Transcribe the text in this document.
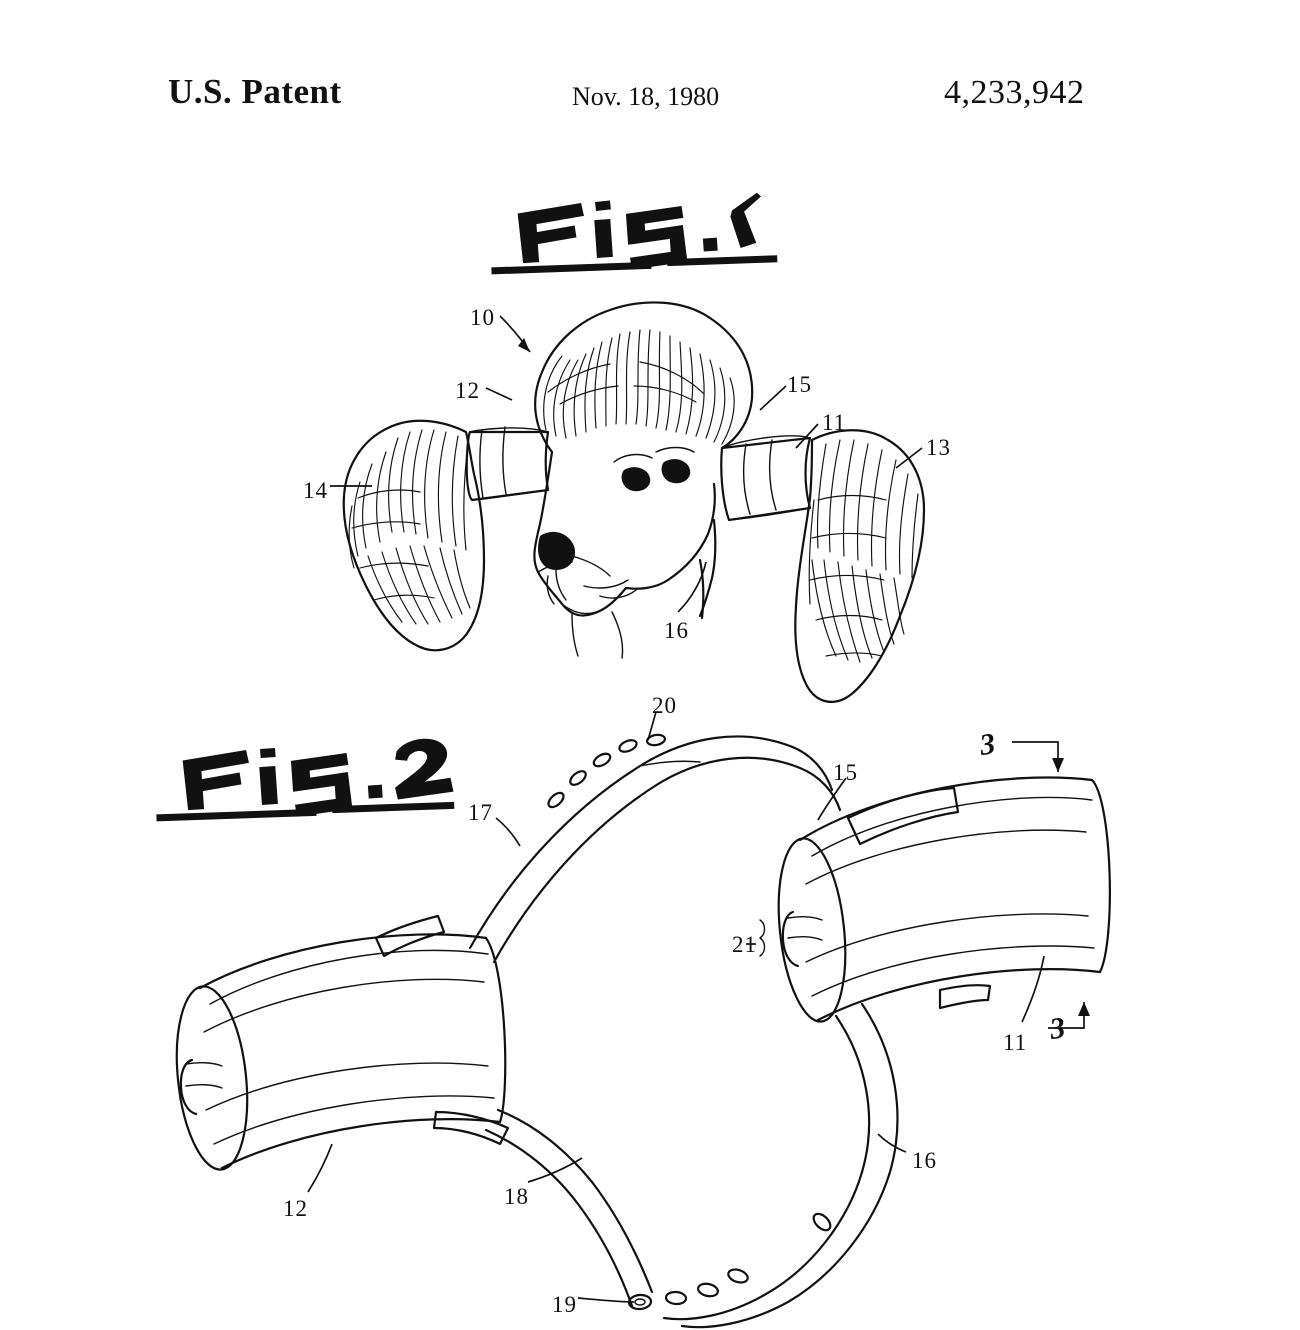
U.S. Patent	Nov. 18, 1980	4,233,942
10
12	15
11
13
14
16
20
15
17
21
11
12	18
16
19
3
3
